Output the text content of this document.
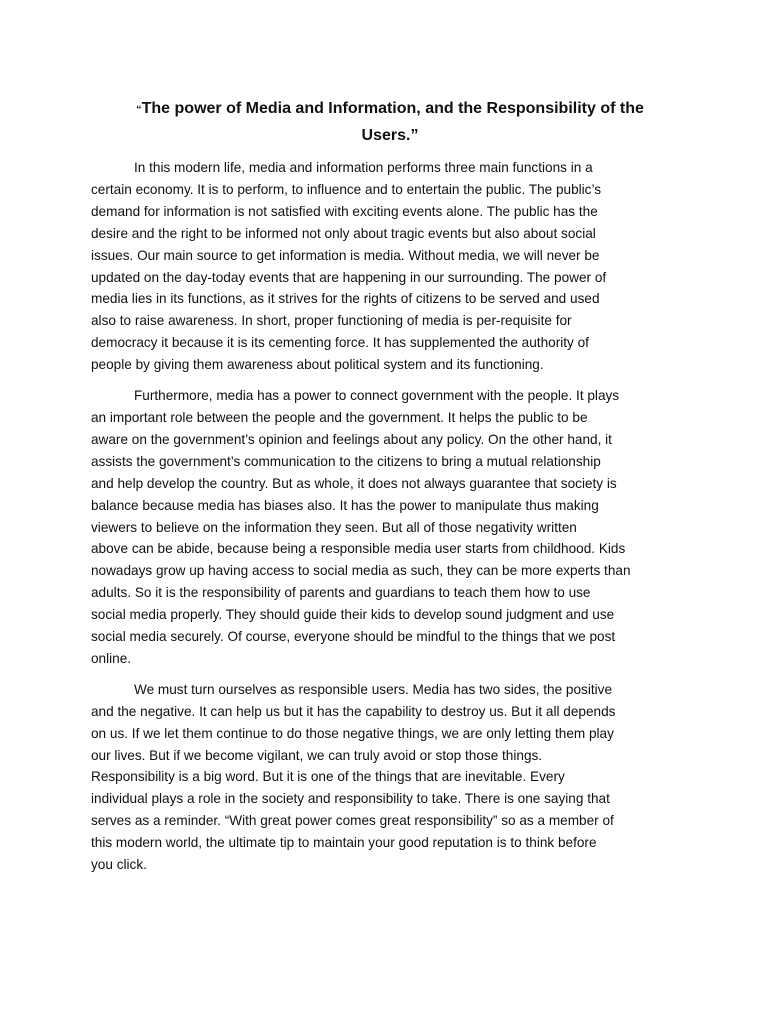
“The power of Media and Information, and the Responsibility of the
Users.”

In this modern life, media and information performs three main functions in a
certain economy. It is to perform, to influence and to entertain the public. The public’s
demand for information is not satisfied with exciting events alone. The public has the
desire and the right to be informed not only about tragic events but also about social
issues. Our main source to get information is media. Without media, we will never be
updated on the day-today events that are happening in our surrounding. The power of
media lies in its functions, as it strives for the rights of citizens to be served and used
also to raise awareness. In short, proper functioning of media is per-requisite for
democracy it because it is its cementing force. It has supplemented the authority of
people by giving them awareness about political system and its functioning.

Furthermore, media has a power to connect government with the people. It plays
an important role between the people and the government. It helps the public to be
aware on the government’s opinion and feelings about any policy. On the other hand, it
assists the government’s communication to the citizens to bring a mutual relationship
and help develop the country. But as whole, it does not always guarantee that society is
balance because media has biases also. It has the power to manipulate thus making
viewers to believe on the information they seen. But all of those negativity written
above can be abide, because being a responsible media user starts from childhood. Kids
nowadays grow up having access to social media as such, they can be more experts than
adults. So it is the responsibility of parents and guardians to teach them how to use
social media properly. They should guide their kids to develop sound judgment and use
social media securely. Of course, everyone should be mindful to the things that we post
online.

We must turn ourselves as responsible users. Media has two sides, the positive
and the negative. It can help us but it has the capability to destroy us. But it all depends
on us. If we let them continue to do those negative things, we are only letting them play
our lives. But if we become vigilant, we can truly avoid or stop those things.
Responsibility is a big word. But it is one of the things that are inevitable. Every
individual plays a role in the society and responsibility to take. There is one saying that
serves as a reminder. “With great power comes great responsibility” so as a member of
this modern world, the ultimate tip to maintain your good reputation is to think before
you click.
